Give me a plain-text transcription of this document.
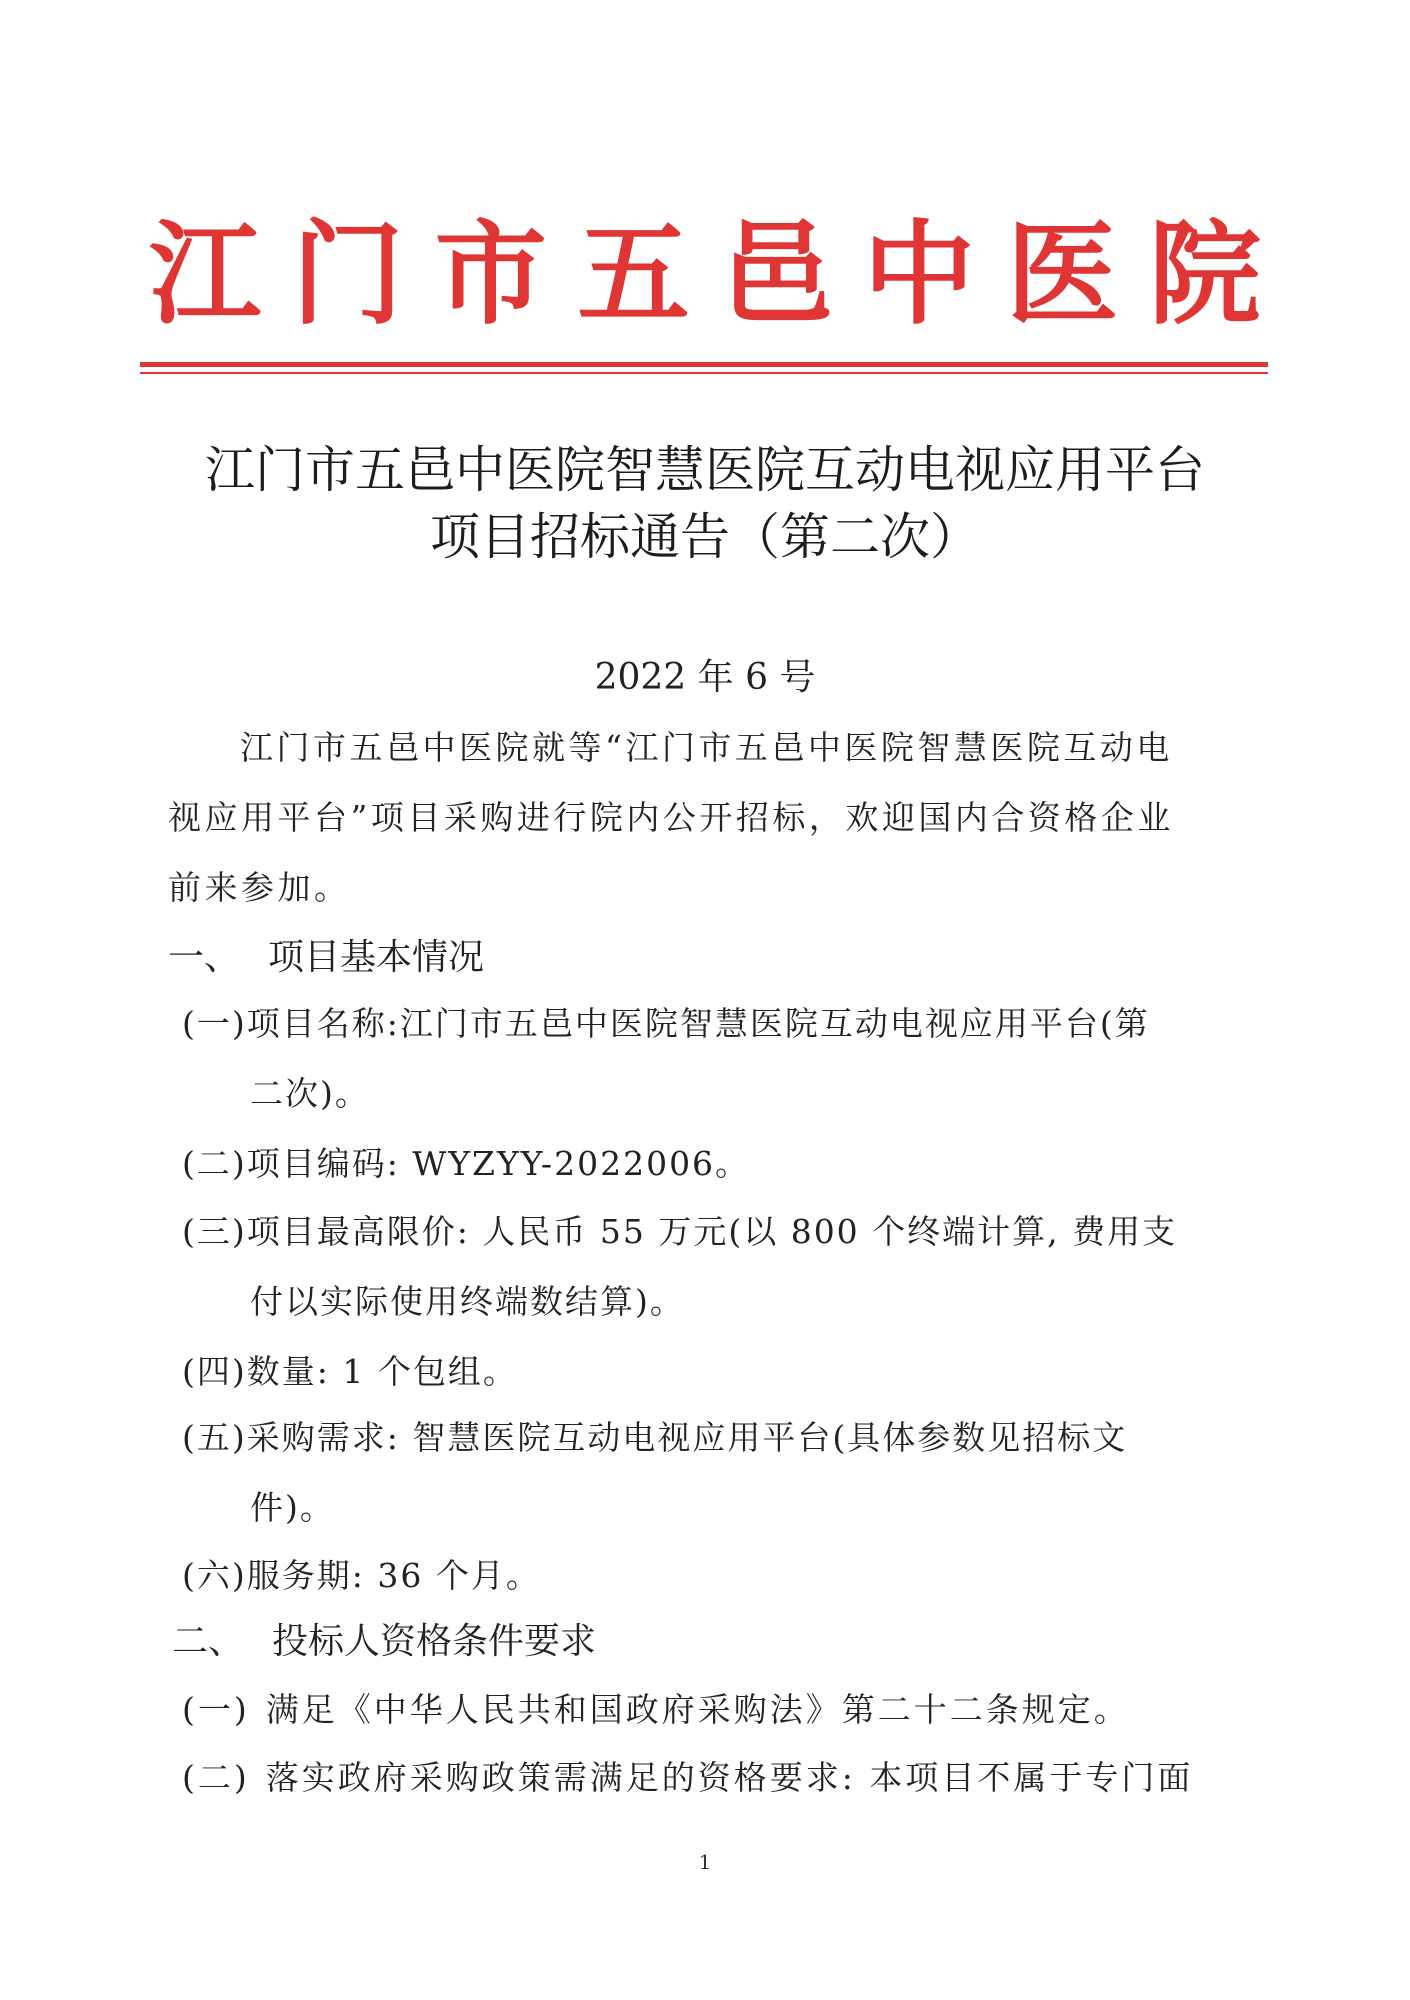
江 门 市 五 邑 中 医 院
江门市五邑中医院智慧医院互动电视应用平台
项目招标通告（第二次）
2022 年 6 号
江门市五邑中医院就等“江门市五邑中医院智慧医院互动电
视应用平台”项目采购进行院内公开招标，欢迎国内合资格企业
前来参加。
一、 项目基本情况
(一)项目名称:江门市五邑中医院智慧医院互动电视应用平台(第
二次)。
(二)项目编码: WYZYY-2022006。
(三)项目最高限价: 人民币 55 万元(以 800 个终端计算, 费用支
付以实际使用终端数结算)。
(四)数量: 1 个包组。
(五)采购需求: 智慧医院互动电视应用平台(具体参数见招标文
件)。
(六)服务期: 36 个月。
二、 投标人资格条件要求
(一) 满足《中华人民共和国政府采购法》第二十二条规定。
(二) 落实政府采购政策需满足的资格要求: 本项目不属于专门面
1
